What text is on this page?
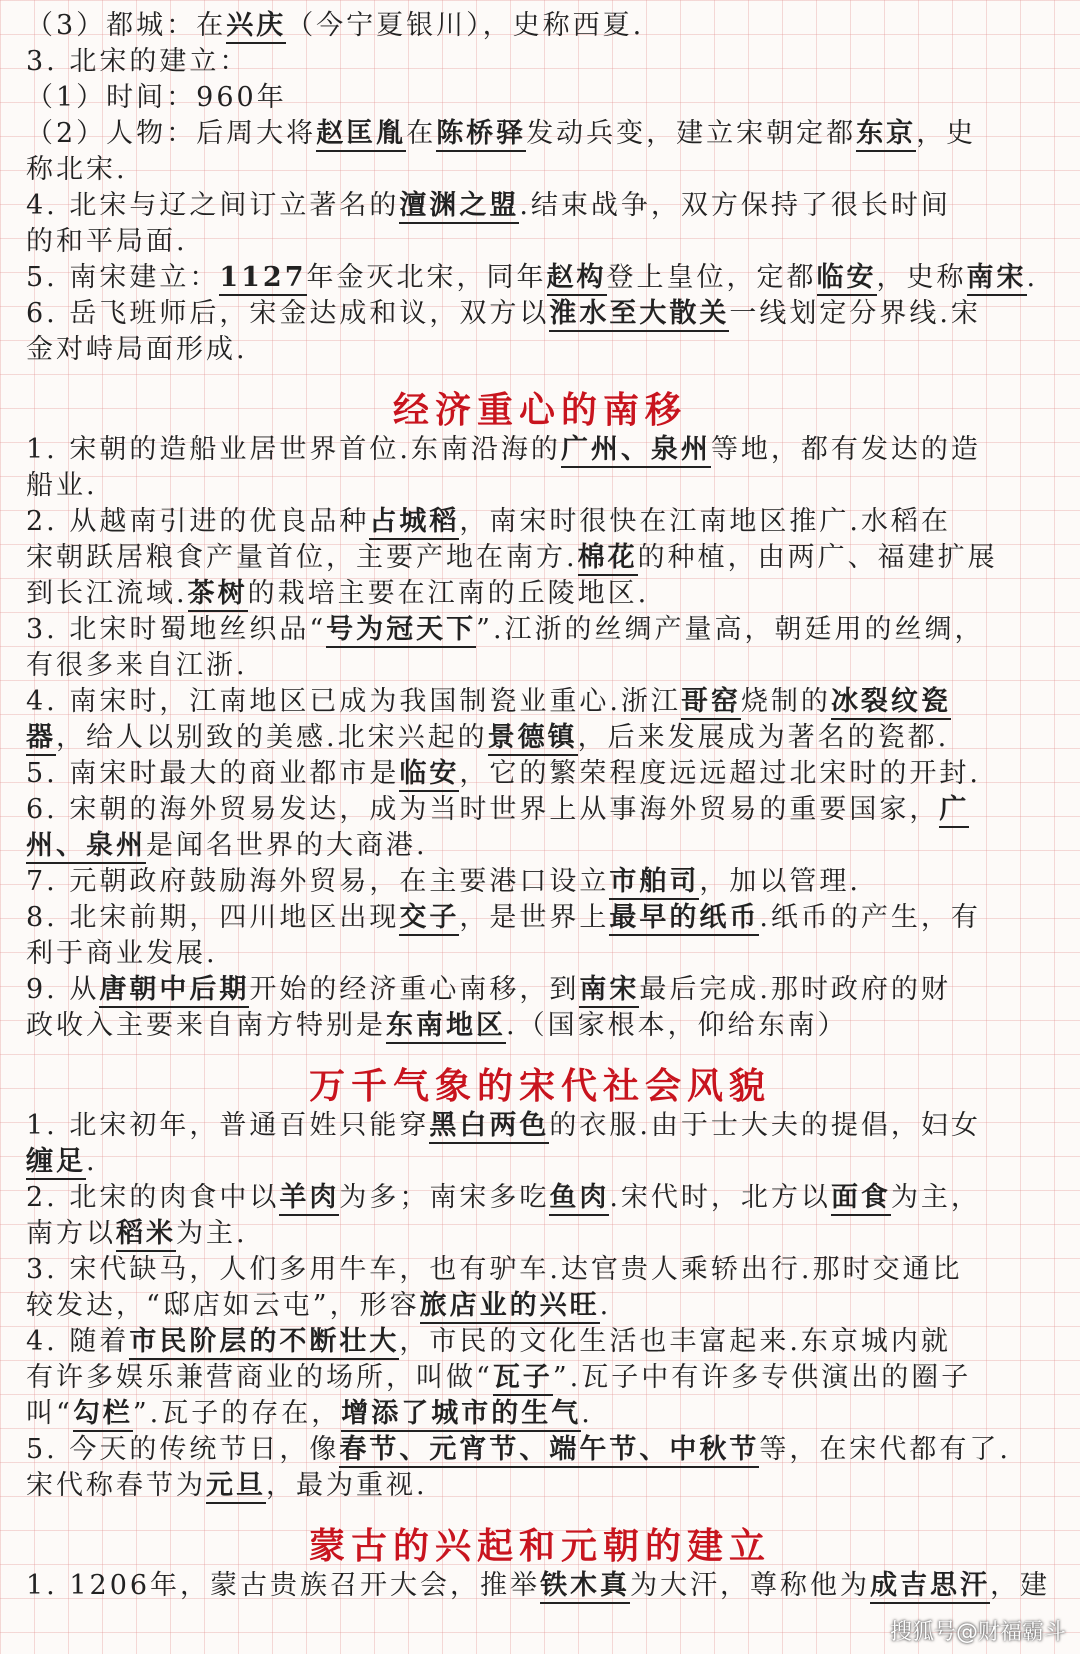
（3）都城：在兴庆（今宁夏银川），史称西夏.
3. 北宋的建立：
（1）时间：960年
（2）人物：后周大将赵匡胤在陈桥驿发动兵变，建立宋朝定都东京，史
称北宋.
4. 北宋与辽之间订立著名的澶渊之盟.结束战争，双方保持了很长时间
的和平局面.
5. 南宋建立：1127年金灭北宋，同年赵构登上皇位，定都临安，史称南宋.
6. 岳飞班师后，宋金达成和议，双方以淮水至大散关一线划定分界线.宋
金对峙局面形成.
经济重心的南移
1. 宋朝的造船业居世界首位.东南沿海的广州、泉州等地，都有发达的造
船业.
2. 从越南引进的优良品种占城稻，南宋时很快在江南地区推广.水稻在
宋朝跃居粮食产量首位，主要产地在南方.棉花的种植，由两广、福建扩展
到长江流域.茶树的栽培主要在江南的丘陵地区.
3. 北宋时蜀地丝织品“号为冠天下”.江浙的丝绸产量高，朝廷用的丝绸，
有很多来自江浙.
4. 南宋时，江南地区已成为我国制瓷业重心.浙江哥窑烧制的冰裂纹瓷
器，给人以别致的美感.北宋兴起的景德镇，后来发展成为著名的瓷都.
5. 南宋时最大的商业都市是临安，它的繁荣程度远远超过北宋时的开封.
6. 宋朝的海外贸易发达，成为当时世界上从事海外贸易的重要国家，广
州、泉州是闻名世界的大商港.
7. 元朝政府鼓励海外贸易，在主要港口设立市舶司，加以管理.
8. 北宋前期，四川地区出现交子，是世界上最早的纸币.纸币的产生，有
利于商业发展.
9. 从唐朝中后期开始的经济重心南移，到南宋最后完成.那时政府的财
政收入主要来自南方特别是东南地区.（国家根本，仰给东南）
万千气象的宋代社会风貌
1. 北宋初年，普通百姓只能穿黑白两色的衣服.由于士大夫的提倡，妇女
缠足.
2. 北宋的肉食中以羊肉为多；南宋多吃鱼肉.宋代时，北方以面食为主，
南方以稻米为主.
3. 宋代缺马，人们多用牛车，也有驴车.达官贵人乘轿出行.那时交通比
较发达，“邸店如云屯”，形容旅店业的兴旺.
4. 随着市民阶层的不断壮大，市民的文化生活也丰富起来.东京城内就
有许多娱乐兼营商业的场所，叫做“瓦子”.瓦子中有许多专供演出的圈子
叫“勾栏”.瓦子的存在，增添了城市的生气.
5. 今天的传统节日，像春节、元宵节、端午节、中秋节等，在宋代都有了.
宋代称春节为元旦，最为重视.
蒙古的兴起和元朝的建立
1. 1206年，蒙古贵族召开大会，推举铁木真为大汗，尊称他为成吉思汗，建
搜狐号@财福霸斗
